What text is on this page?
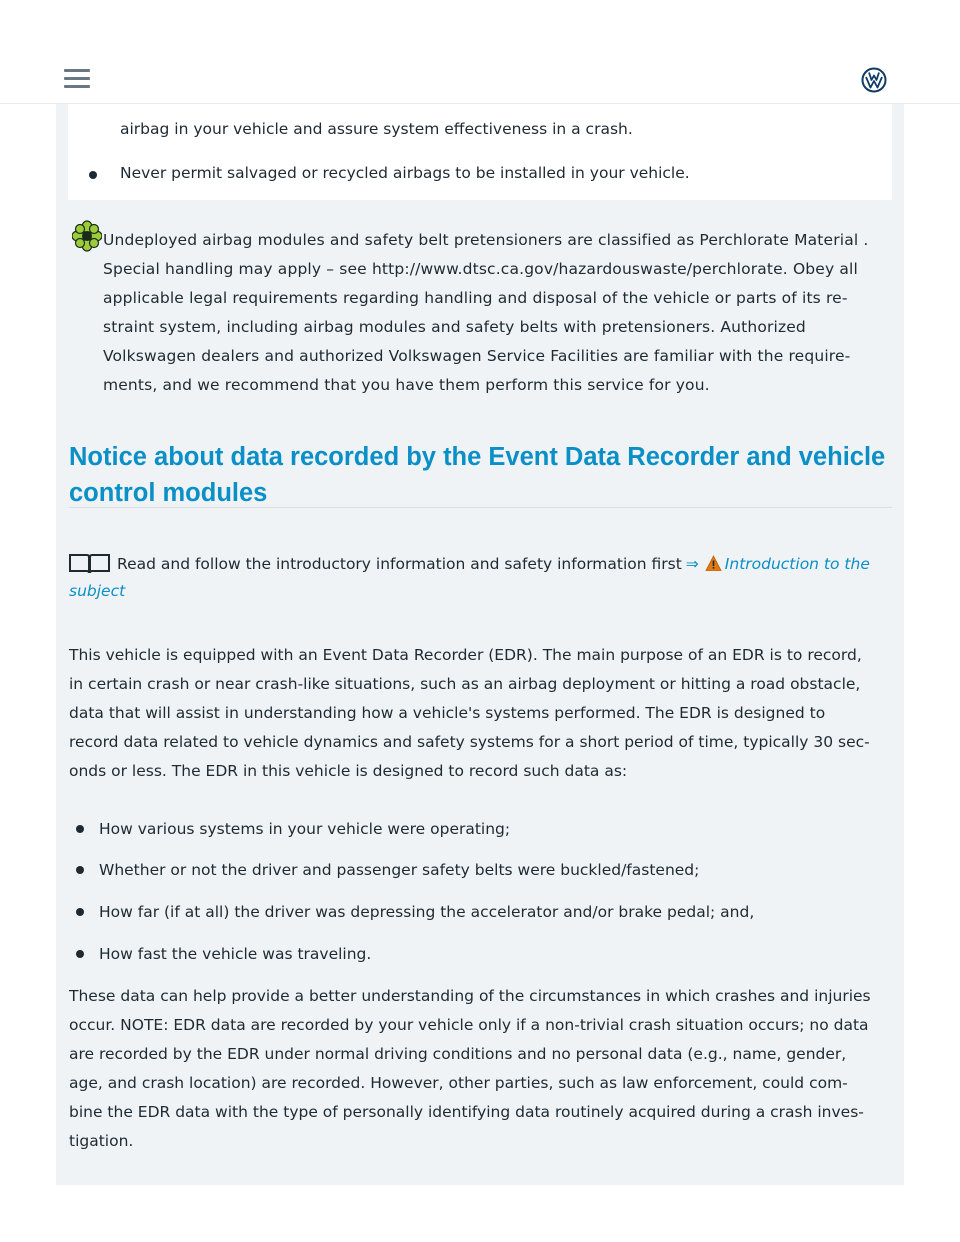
airbag in your vehicle and assure system effectiveness in a crash.

Never permit salvaged or recycled airbags to be installed in your vehicle.

Undeployed airbag modules and safety belt pretensioners are classified as Perchlorate Material .
Special handling may apply – see http://www.dtsc.ca.gov/hazardouswaste/perchlorate. Obey all
applicable legal requirements regarding handling and disposal of the vehicle or parts of its re-
straint system, including airbag modules and safety belts with pretensioners. Authorized
Volkswagen dealers and authorized Volkswagen Service Facilities are familiar with the require-
ments, and we recommend that you have them perform this service for you.
Notice about data recorded by the Event Data Recorder and vehicle
control modules

Read and follow the introductory information and safety information first ⇒ Introduction to the

subject

This vehicle is equipped with an Event Data Recorder (EDR). The main purpose of an EDR is to record,
in certain crash or near crash-like situations, such as an airbag deployment or hitting a road obstacle,
data that will assist in understanding how a vehicle's systems performed. The EDR is designed to
record data related to vehicle dynamics and safety systems for a short period of time, typically 30 sec-
onds or less. The EDR in this vehicle is designed to record such data as:

How various systems in your vehicle were operating;

Whether or not the driver and passenger safety belts were buckled/fastened;

How far (if at all) the driver was depressing the accelerator and/or brake pedal; and,

How fast the vehicle was traveling.

These data can help provide a better understanding of the circumstances in which crashes and injuries
occur. NOTE: EDR data are recorded by your vehicle only if a non-trivial crash situation occurs; no data
are recorded by the EDR under normal driving conditions and no personal data (e.g., name, gender,
age, and crash location) are recorded. However, other parties, such as law enforcement, could com-
bine the EDR data with the type of personally identifying data routinely acquired during a crash inves-
tigation.
